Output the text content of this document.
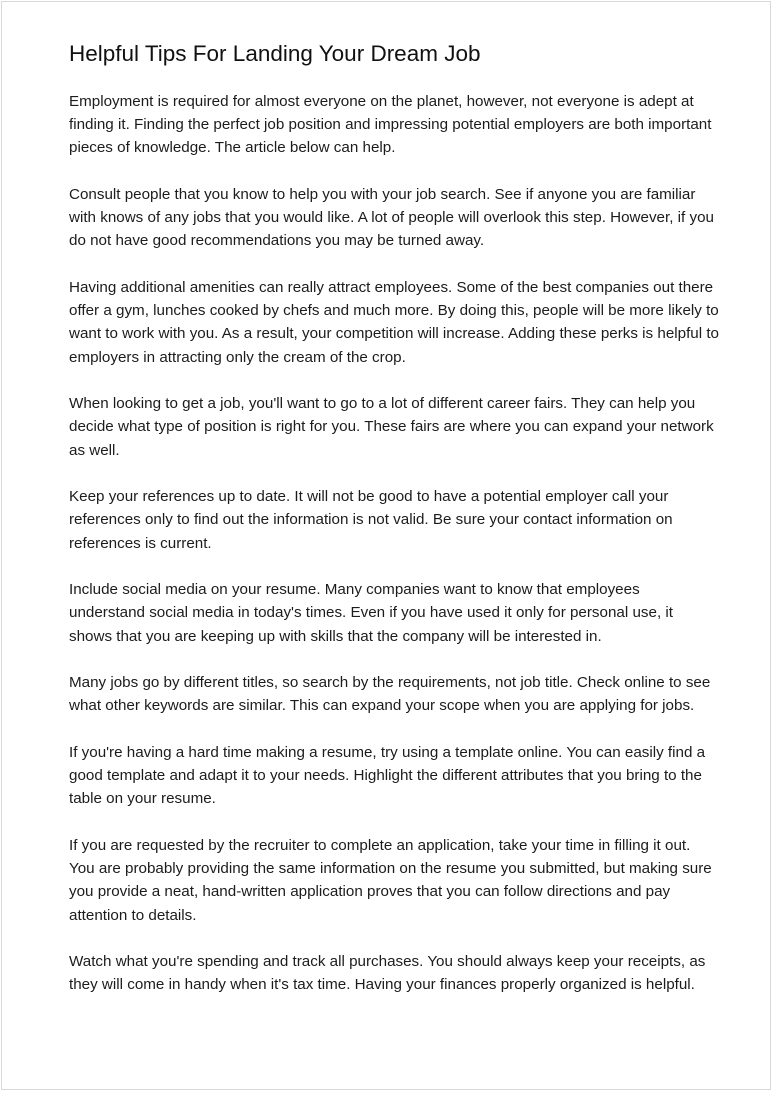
Helpful Tips For Landing Your Dream Job

Employment is required for almost everyone on the planet, however, not everyone is adept at finding it. Finding the perfect job position and impressing potential employers are both important pieces of knowledge. The article below can help.

Consult people that you know to help you with your job search. See if anyone you are familiar with knows of any jobs that you would like. A lot of people will overlook this step. However, if you do not have good recommendations you may be turned away.

Having additional amenities can really attract employees. Some of the best companies out there offer a gym, lunches cooked by chefs and much more. By doing this, people will be more likely to want to work with you. As a result, your competition will increase. Adding these perks is helpful to employers in attracting only the cream of the crop.

When looking to get a job, you'll want to go to a lot of different career fairs. They can help you decide what type of position is right for you. These fairs are where you can expand your network as well.

Keep your references up to date. It will not be good to have a potential employer call your references only to find out the information is not valid. Be sure your contact information on references is current.

Include social media on your resume. Many companies want to know that employees understand social media in today's times. Even if you have used it only for personal use, it shows that you are keeping up with skills that the company will be interested in.

Many jobs go by different titles, so search by the requirements, not job title. Check online to see what other keywords are similar. This can expand your scope when you are applying for jobs.

If you're having a hard time making a resume, try using a template online. You can easily find a good template and adapt it to your needs. Highlight the different attributes that you bring to the table on your resume.

If you are requested by the recruiter to complete an application, take your time in filling it out. You are probably providing the same information on the resume you submitted, but making sure you provide a neat, hand-written application proves that you can follow directions and pay attention to details.

Watch what you're spending and track all purchases. You should always keep your receipts, as they will come in handy when it's tax time. Having your finances properly organized is helpful.
